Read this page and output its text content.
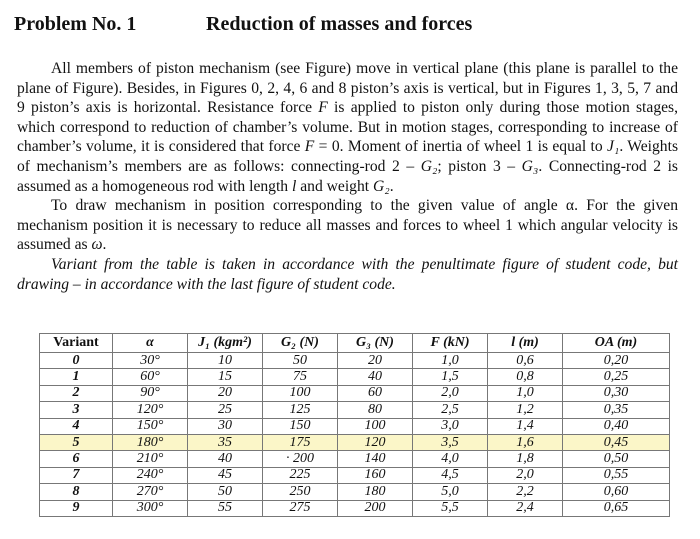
Problem No. 1	Reduction of masses and forces

All members of piston mechanism (see Figure) move in vertical plane (this plane is parallel to the plane of Figure). Besides, in Figures 0, 2, 4, 6 and 8 piston’s axis is vertical, but in Figures 1, 3, 5, 7 and 9 piston’s axis is horizontal. Resistance force F is applied to piston only during those motion stages, which correspond to reduction of chamber’s volume. But in motion stages, corresponding to increase of chamber’s volume, it is considered that force F = 0. Moment of inertia of wheel 1 is equal to J₁. Weights of mechanism’s members are as follows: connecting-rod 2 – G₂; piston 3 – G₃. Connecting-rod 2 is assumed as a homogeneous rod with length l and weight G₂.

To draw mechanism in position corresponding to the given value of angle α. For the given mechanism position it is necessary to reduce all masses and forces to wheel 1 which angular velocity is assumed as ω.

Variant from the table is taken in accordance with the penultimate figure of student code, but drawing – in accordance with the last figure of student code.

Variant	α	J₁ (kgm²)	G₂ (N)	G₃ (N)	F (kN)	l (m)	OA (m)
0	30°	10	50	20	1,0	0,6	0,20
1	60°	15	75	40	1,5	0,8	0,25
2	90°	20	100	60	2,0	1,0	0,30
3	120°	25	125	80	2,5	1,2	0,35
4	150°	30	150	100	3,0	1,4	0,40
5	180°	35	175	120	3,5	1,6	0,45
6	210°	40	· 200	140	4,0	1,8	0,50
7	240°	45	225	160	4,5	2,0	0,55
8	270°	50	250	180	5,0	2,2	0,60
9	300°	55	275	200	5,5	2,4	0,65
